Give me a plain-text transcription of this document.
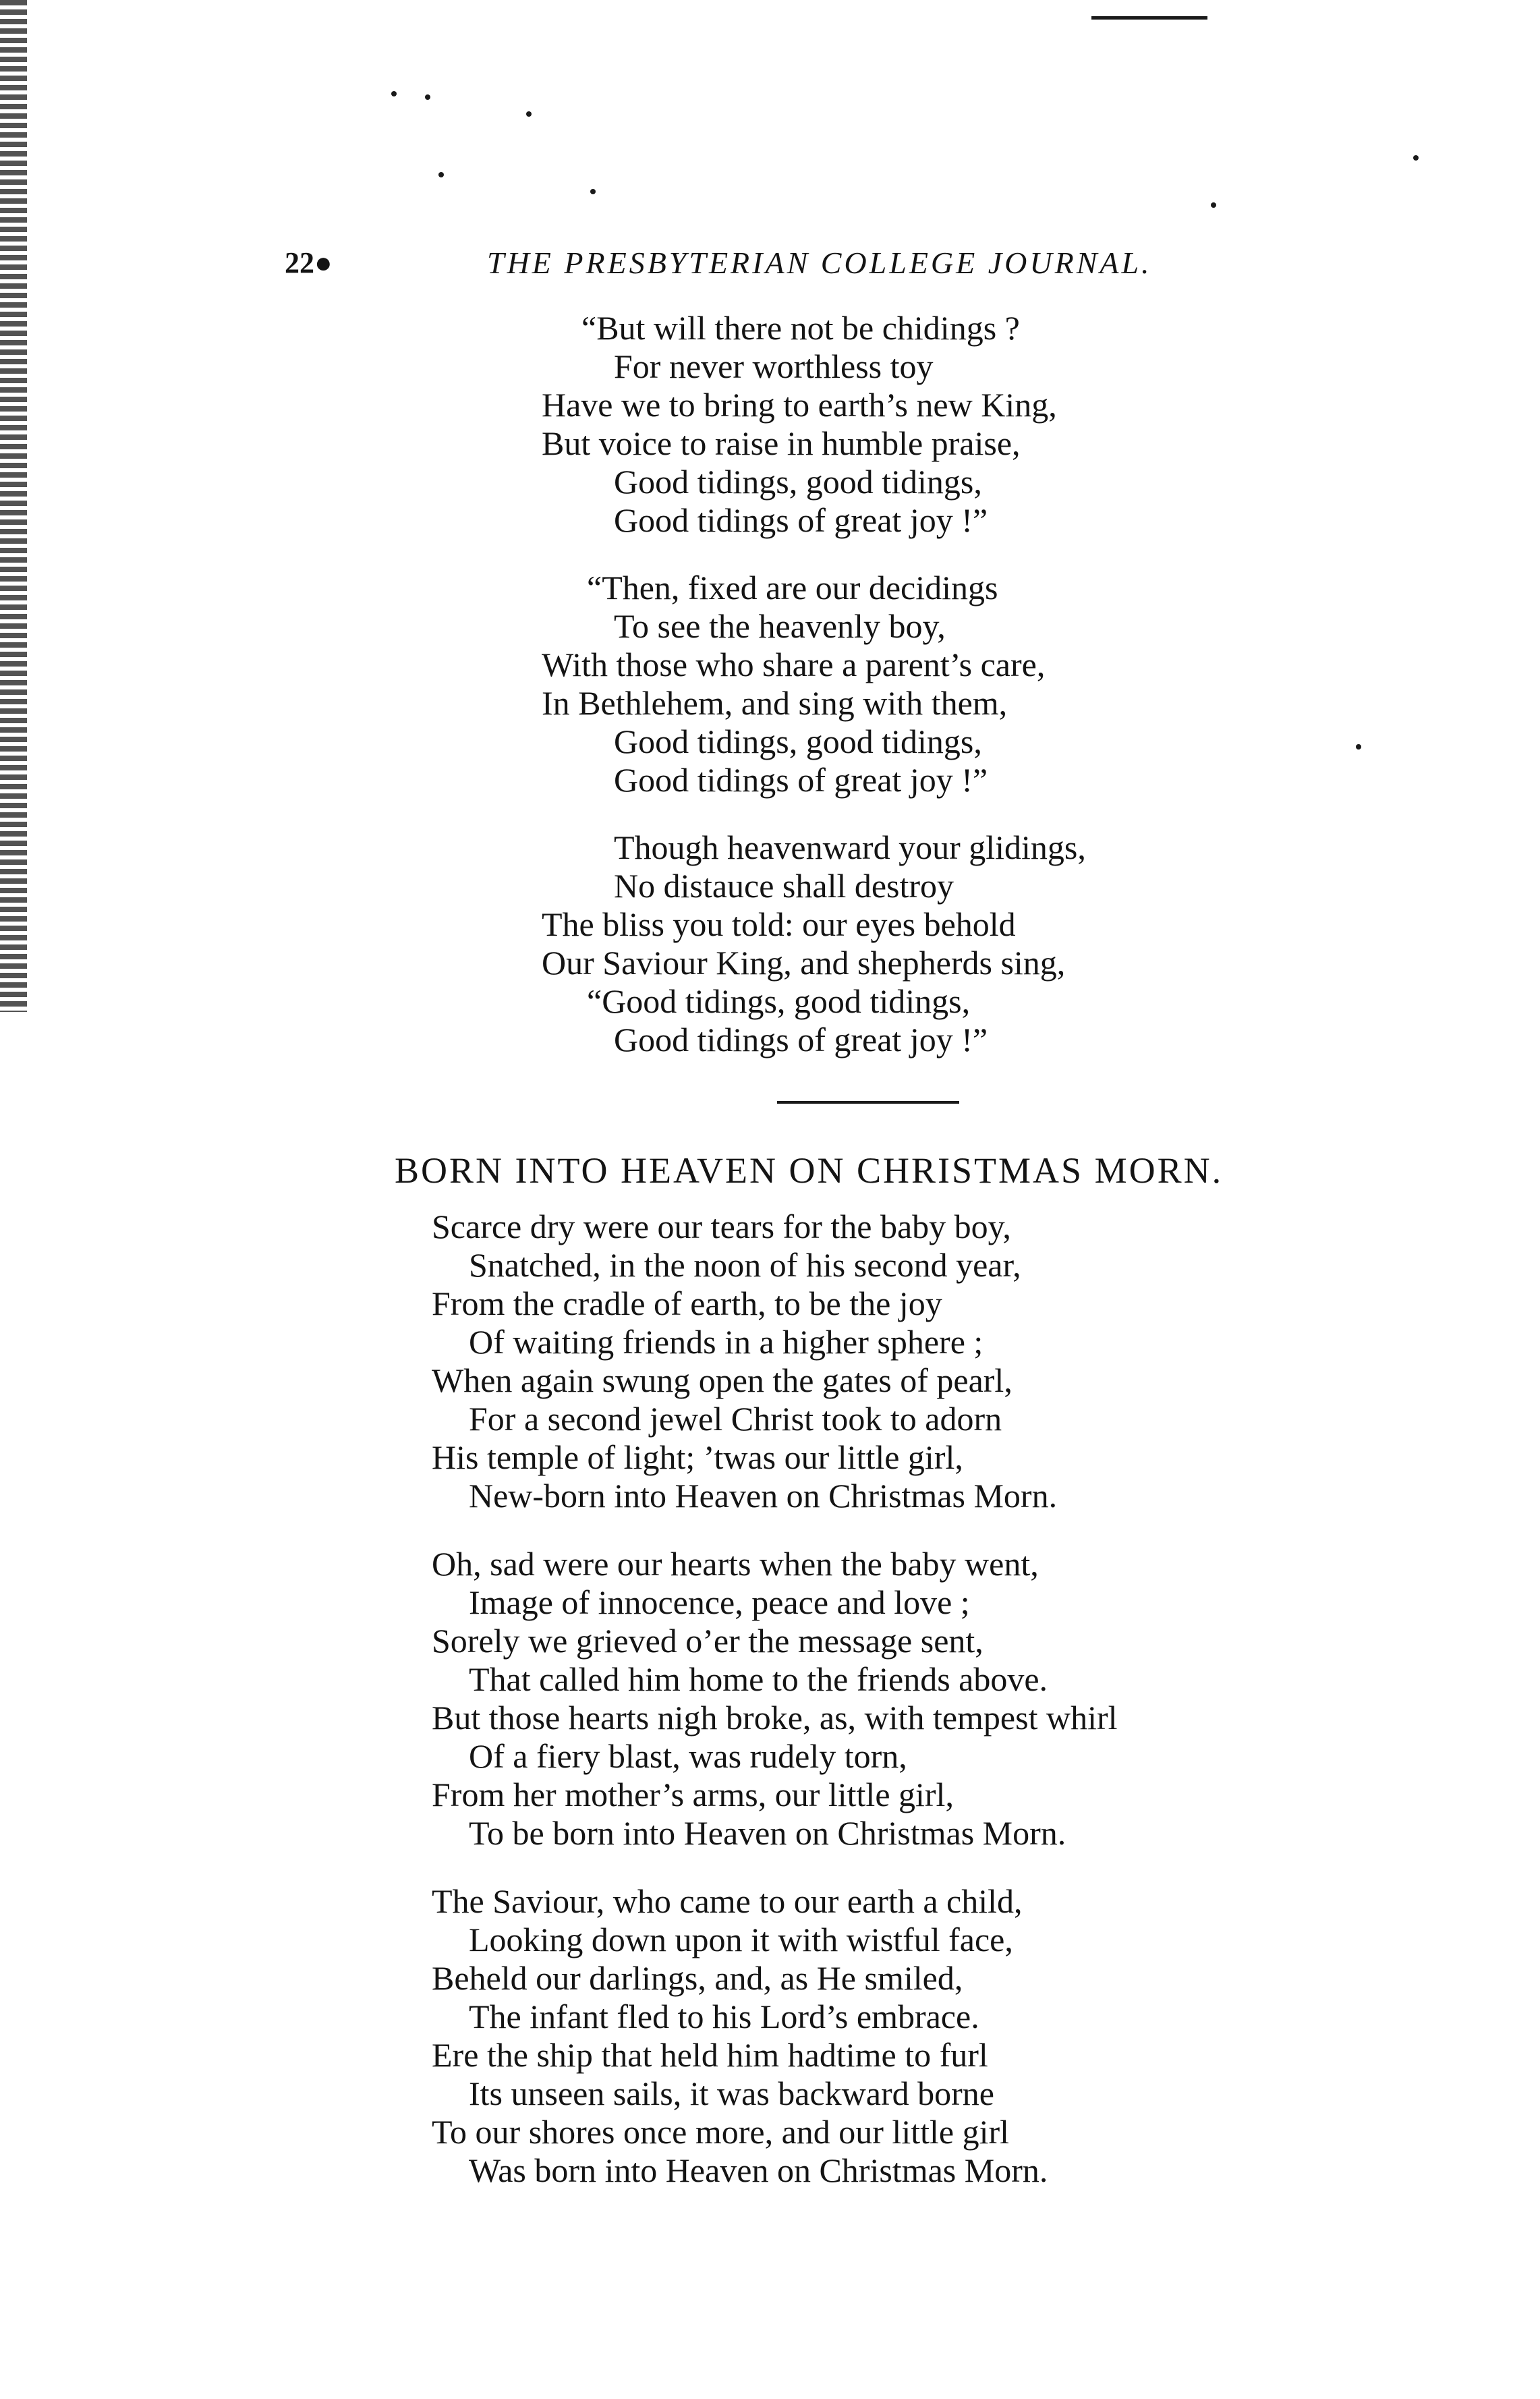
22●	THE PRESBYTERIAN COLLEGE JOURNAL.
“But will there not be chidings ?
For never worthless toy
Have we to bring to earth’s new King,
But voice to raise in humble praise,
Good tidings, good tidings,
Good tidings of great joy !”
“Then, fixed are our decidings
To see the heavenly boy,
With those who share a parent’s care,
In Bethlehem, and sing with them,
Good tidings, good tidings,
Good tidings of great joy !”
Though heavenward your glidings,
No distauce shall destroy
The bliss you told: our eyes behold
Our Saviour King, and shepherds sing,
“Good tidings, good tidings,
Good tidings of great joy !”
BORN INTO HEAVEN ON CHRISTMAS MORN.
Scarce dry were our tears for the baby boy,
Snatched, in the noon of his second year,
From the cradle of earth, to be the joy
Of waiting friends in a higher sphere ;
When again swung open the gates of pearl,
For a second jewel Christ took to adorn
His temple of light; ’twas our little girl,
New-born into Heaven on Christmas Morn.
Oh, sad were our hearts when the baby went,
Image of innocence, peace and love ;
Sorely we grieved o’er the message sent,
That called him home to the friends above.
But those hearts nigh broke, as, with tempest whirl
Of a fiery blast, was rudely torn,
From her mother’s arms, our little girl,
To be born into Heaven on Christmas Morn.
The Saviour, who came to our earth a child,
Looking down upon it with wistful face,
Beheld our darlings, and, as He smiled,
The infant fled to his Lord’s embrace.
Ere the ship that held him hadtime to furl
Its unseen sails, it was backward borne
To our shores once more, and our little girl
Was born into Heaven on Christmas Morn.
